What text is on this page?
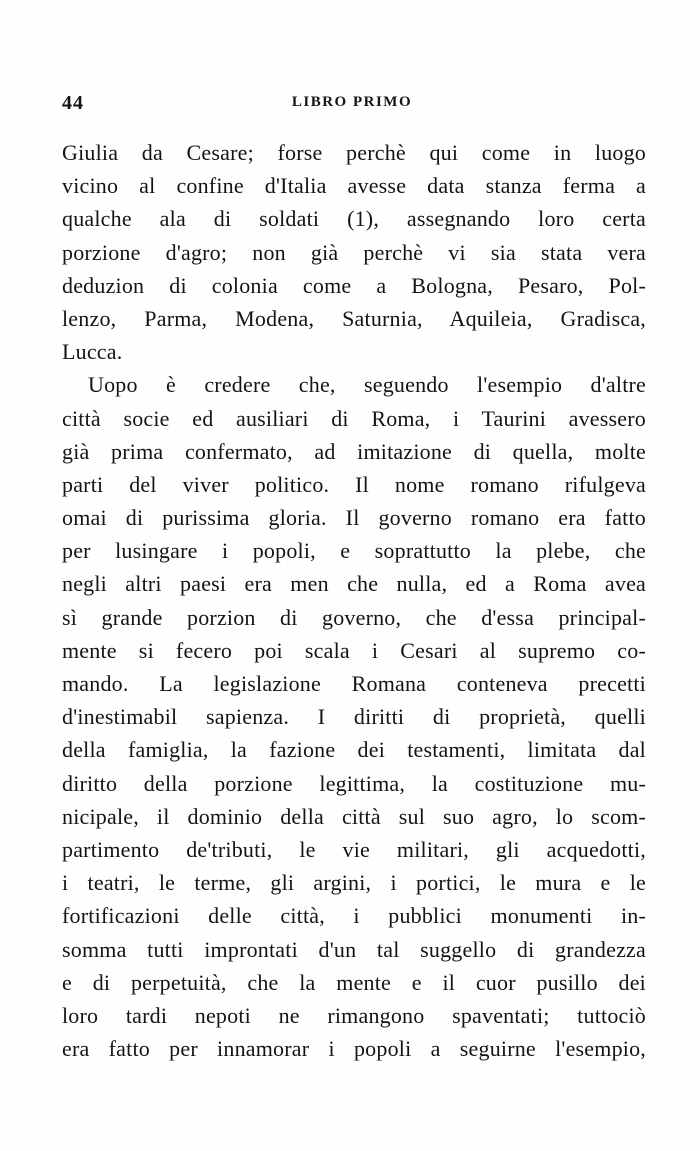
44	LIBRO PRIMO
Giulia da Cesare; forse perchè qui come in luogo
vicino al confine d'Italia avesse data stanza ferma a
qualche ala di soldati (1), assegnando loro certa
porzione d'agro; non già perchè vi sia stata vera
deduzion di colonia come a Bologna, Pesaro, Pol-
lenzo, Parma, Modena, Saturnia, Aquileia, Gradisca,
Lucca.
Uopo è credere che, seguendo l'esempio d'altre
città socie ed ausiliari di Roma, i Taurini avessero
già prima confermato, ad imitazione di quella, molte
parti del viver politico. Il nome romano rifulgeva
omai di purissima gloria. Il governo romano era fatto
per lusingare i popoli, e soprattutto la plebe, che
negli altri paesi era men che nulla, ed a Roma avea
sì grande porzion di governo, che d'essa principal-
mente si fecero poi scala i Cesari al supremo co-
mando. La legislazione Romana conteneva precetti
d'inestimabil sapienza. I diritti di proprietà, quelli
della famiglia, la fazione dei testamenti, limitata dal
diritto della porzione legittima, la costituzione mu-
nicipale, il dominio della città sul suo agro, lo scom-
partimento de'tributi, le vie militari, gli acquedotti,
i teatri, le terme, gli argini, i portici, le mura e le
fortificazioni delle città, i pubblici monumenti in-
somma tutti improntati d'un tal suggello di grandezza
e di perpetuità, che la mente e il cuor pusillo dei
loro tardi nepoti ne rimangono spaventati; tuttociò
era fatto per innamorar i popoli a seguirne l'esempio,
